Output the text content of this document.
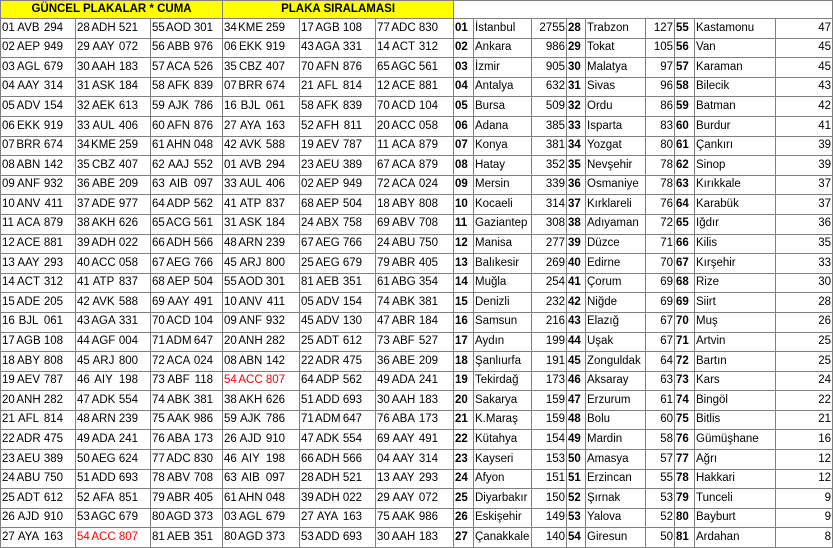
GÜNCEL PLAKALAR * CUMA			PLAKA SIRALAMASI		
01 AVB 294	28 ADH 521	55AOD 301	34KME 259	17 AGB 108	77 ADC 830
02 AEP 949	29 AAY 072	56 ABB 976	06 EKK 919	43 AGA 331	14 ACT 312
03 AGL 679	30 AAH 183	57 ACA 526	35 CBZ 407	70 AFN 876	65AGC 561
04 AAY 314	31 ASK 184	58 AFK 839	07 BRR 674	21 AFL 814	12 ACE 881
05 ADV 154	32 AEK 613	59 AJK 786	16 BJL 061	58 AFK 839	70 ACD 104
06 EKK 919	33 AUL 406	60 AFN 876	27 AYA 163	52 AFH 811	20 ACC 058
07 BRR 674	34KME 259	61 AHN 048	42 AVK 588	19 AEV 787	11 ACA 879
08 ABN 142	35 CBZ 407	62 AAJ 552	01 AVB 294	23 AEU 389	67 ACA 879
09 ANF 932	36 ABE 209	63 AIB 097	33 AUL 406	02 AEP 949	72 ACA 024
10 ANV 411	37 ADE 977	64 ADP 562	41 ATP 837	68 AEP 504	18 ABY 808
11 ACA 879	38 AKH 626	65ACG 561	31 ASK 184	24 ABX 758	69 ABV 708
12 ACE 881	39 ADH 022	66 ADH 566	48 ARN 239	67 AEG 766	24 ABU 750
13 AAY 293	40 ACC 058	67 AEG 766	45 ARJ 800	25 AEG 679	79 ABR 405
14 ACT 312	41 ATP 837	68 AEP 504	55AOD 301	81 AEB 351	61 ABG 354
15 ADE 205	42 AVK 588	69 AAY 491	10 ANV 411	05 ADV 154	74 ABK 381
16 BJL 061	43 AGA 331	70 ACD 104	09 ANF 932	45 ADV 130	47 ABR 184
17 AGB 108	44 AGF 004	71ADM 647	20 ANH 282	25 ADT 612	73 ABF 527
18 ABY 808	45 ARJ 800	72 ACA 024	08 ABN 142	22 ADR 475	36 ABE 209
19 AEV 787	46 AIY 198	73 ABF 118	54 ACC 807	64 ADP 562	49 ADA 241
20 ANH 282	47 ADK 554	74 ABK 381	38 AKH 626	51 ADD 693	30 AAH 183
21 AFL 814	48 ARN 239	75 AAK 986	59 AJK 786	71ADM 647	76 ABA 173
22 ADR 475	49 ADA 241	76 ABA 173	26 AJD 910	47 ADK 554	69 AAY 491
23 AEU 389	50 AEG 624	77 ADC 830	46 AIY 198	66 ADH 566	04 AAY 314
24 ABU 750	51 ADD 693	78 ABV 708	63 AIB 097	28 ADH 521	13 AAY 293
25 ADT 612	52 AFA 851	79 ABR 405	61 AHN 048	39 ADH 022	29 AAY 072
26 AJD 910	53AGC 679	80AGD 373	03 AGL 679	27 AYA 163	75 AAK 986
27 AYA 163	54 ACC 807	81 AEB 351	80AGD 373	53 ADD 693	30 AAH 183

01	İstanbul	2755	28	Trabzon	127	55	Kastamonu	47
02	Ankara	986	29	Tokat	105	56	Van	45
03	İzmir	905	30	Malatya	97	57	Karaman	45
04	Antalya	632	31	Sivas	96	58	Bilecik	43
05	Bursa	509	32	Ordu	86	59	Batman	42
06	Adana	385	33	Isparta	83	60	Burdur	41
07	Konya	381	34	Yozgat	80	61	Çankırı	39
08	Hatay	352	35	Nevşehir	78	62	Sinop	39
09	Mersin	339	36	Osmaniye	78	63	Kırıkkale	37
10	Kocaeli	314	37	Kırklareli	76	64	Karabük	37
11	Gaziantep	308	38	Adıyaman	72	65	Iğdır	36
12	Manisa	277	39	Düzce	71	66	Kilis	35
13	Balıkesir	269	40	Edirne	70	67	Kırşehir	33
14	Muğla	254	41	Çorum	69	68	Rize	30
15	Denizli	232	42	Niğde	69	69	Siirt	28
16	Samsun	216	43	Elazığ	67	70	Muş	26
17	Aydın	199	44	Uşak	67	71	Artvin	25
18	Şanlıurfa	191	45	Zonguldak	64	72	Bartın	25
19	Tekirdağ	173	46	Aksaray	63	73	Kars	24
20	Sakarya	159	47	Erzurum	61	74	Bingöl	22
21	K.Maraş	159	48	Bolu	60	75	Bitlis	21
22	Kütahya	154	49	Mardin	58	76	Gümüşhane	16
23	Kayseri	153	50	Amasya	57	77	Ağrı	12
24	Afyon	151	51	Erzincan	55	78	Hakkari	12
25	Diyarbakır	150	52	Şırnak	53	79	Tunceli	9
26	Eskişehir	149	53	Yalova	52	80	Bayburt	9
27	Çanakkale	140	54	Giresun	50	81	Ardahan	8
